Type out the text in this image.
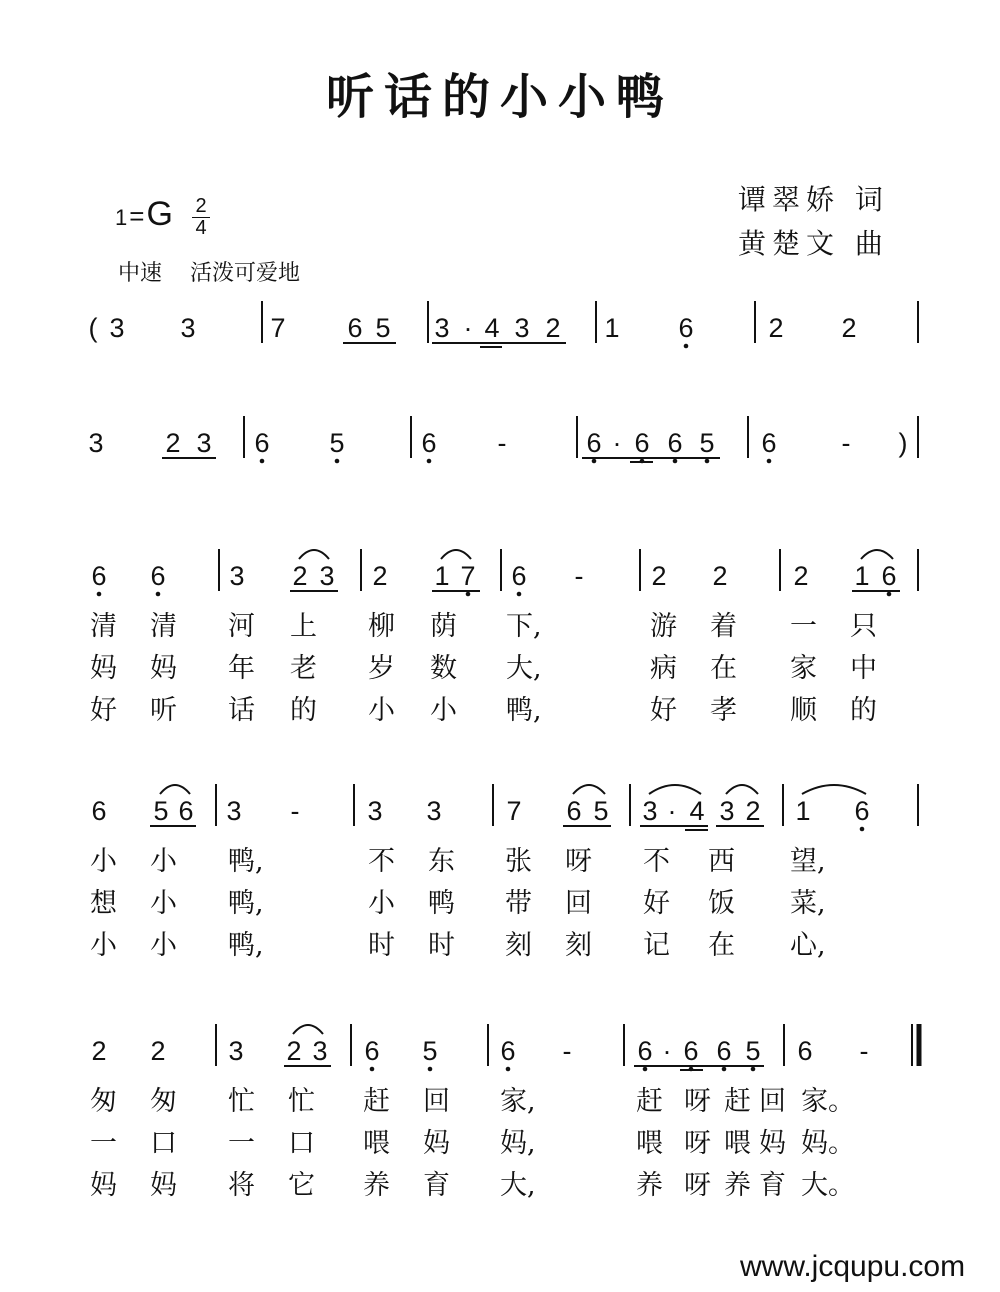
听话的小小鸭
谭翠娇 词
黄楚文 曲
1=G 2
4
中速 活泼可爱地
( 3 3	7 6 5 3 · 4 3 2 1 6	2 2
3 2 3 6 5	6 -	6 · 6 6 5 6 - )
6 6 3 2 3 2 1 7 6 -	2 2 2 1 6
清 清 河 上 柳 荫 下,	游 着 一 只
妈 妈 年 老 岁 数 大,	病 在 家 中
好 听 话 的 小 小 鸭,	好 孝 顺 的
6 5 6 3 -	3 3 7 6 5 3 · 4 3 2 1 6
小 小 鸭,	不 东 张 呀 不 西 望,
想 小 鸭,	小 鸭 带 回 好 饭 菜,
小 小 鸭,	时 时 刻 刻 记 在 心,
2 2 3 2 3 6 5 6 - 6 · 6 6 5 6 -
匆 匆 忙 忙 赶 回 家,	赶 呀 赶 回 家。
一 口 一 口 喂 妈 妈,	喂 呀 喂 妈 妈。
妈 妈 将 它 养 育 大,	养 呀 养 育 大。
www.jcqupu.com
